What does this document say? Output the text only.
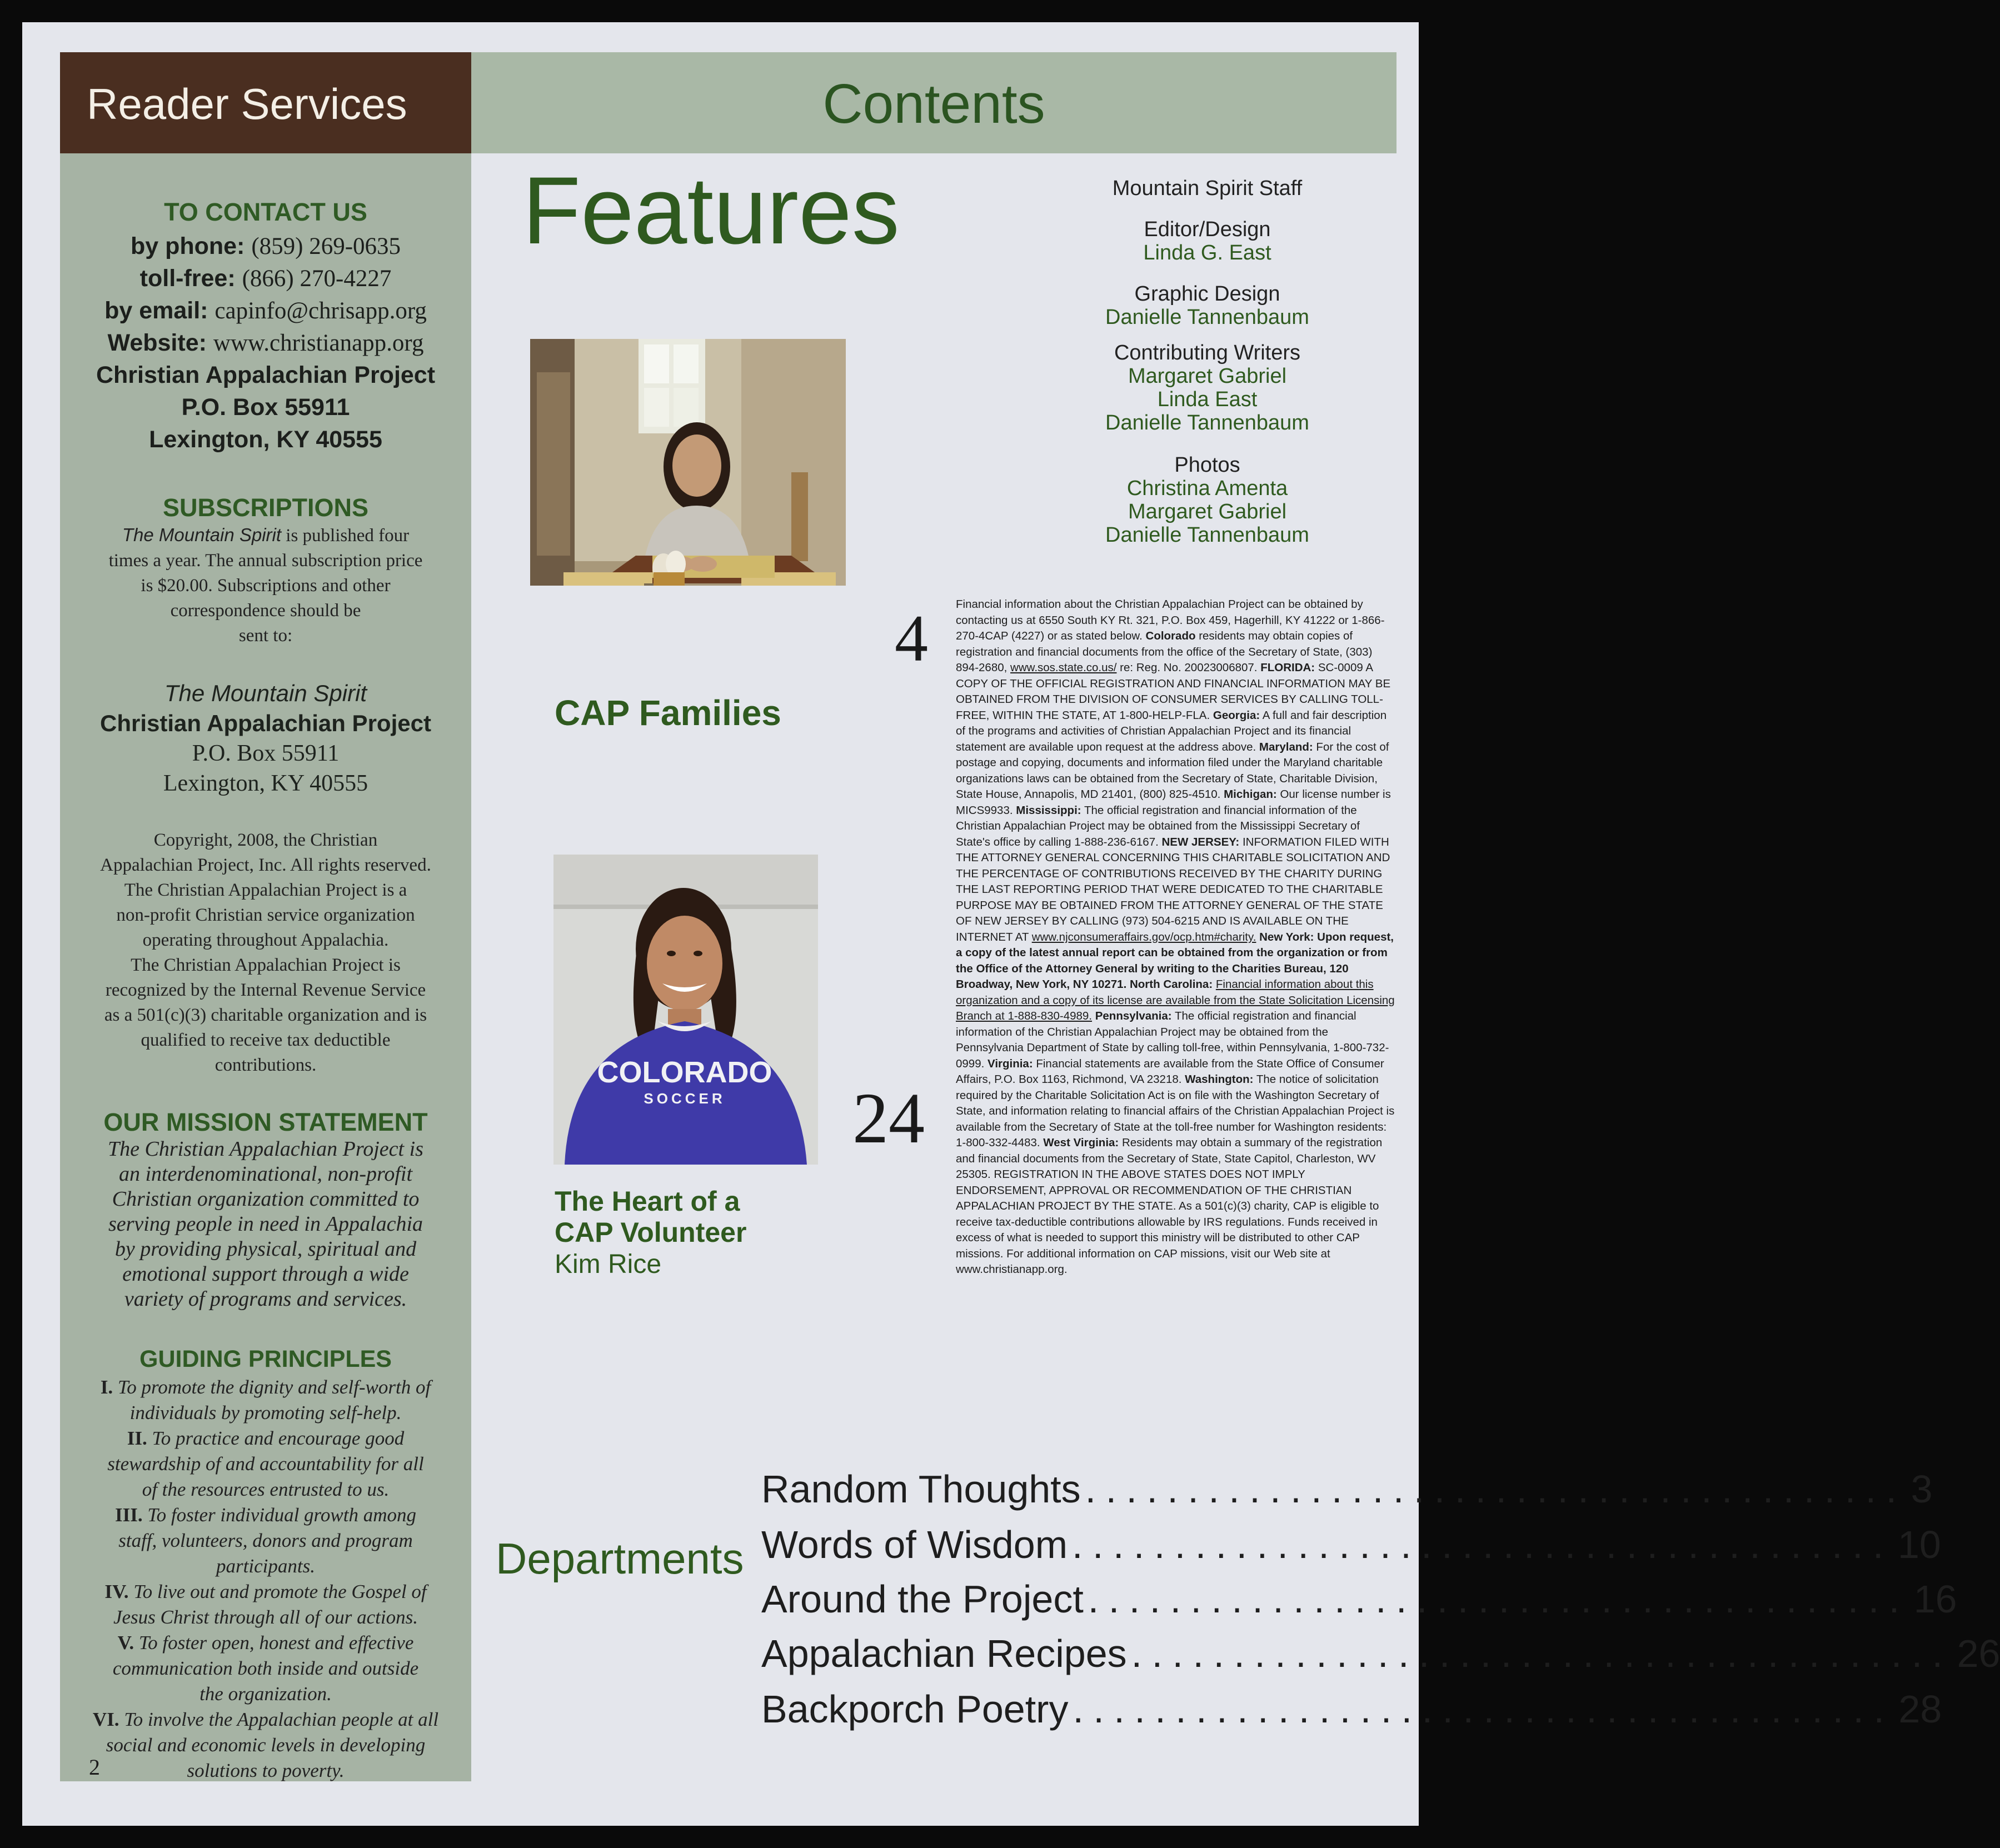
Reader Services
TO CONTACT US
by phone: (859) 269-0635
toll-free: (866) 270-4227
by email: capinfo@chrisapp.org
Website: www.christianapp.org
Christian Appalachian Project
P.O. Box 55911
Lexington, KY 40555
SUBSCRIPTIONS
The Mountain Spirit is published four
times a year. The annual subscription price
is $20.00. Subscriptions and other
correspondence should be
sent to:
The Mountain Spirit
Christian Appalachian Project
P.O. Box 55911
Lexington, KY 40555
Copyright, 2008, the Christian
Appalachian Project, Inc. All rights reserved.
The Christian Appalachian Project is a
non-profit Christian service organization
operating throughout Appalachia.
The Christian Appalachian Project is
recognized by the Internal Revenue Service
as a 501(c)(3) charitable organization and is
qualified to receive tax deductible
contributions.
OUR MISSION STATEMENT
The Christian Appalachian Project is
an interdenominational, non-profit
Christian organization committed to
serving people in need in Appalachia
by providing physical, spiritual and
emotional support through a wide
variety of programs and services.
GUIDING PRINCIPLES
I. To promote the dignity and self-worth of
individuals by promoting self-help.
II. To practice and encourage good
stewardship of and accountability for all
of the resources entrusted to us.
III. To foster individual growth among
staff, volunteers, donors and program
participants.
IV. To live out and promote the Gospel of
Jesus Christ through all of our actions.
V. To foster open, honest and effective
communication both inside and outside
the organization.
VI. To involve the Appalachian people at all
social and economic levels in developing
solutions to poverty.
2
Contents
Features
4
CAP Families
COLORADO
SOCCER 24
The Heart of a
CAP Volunteer
Kim Rice
Mountain Spirit Staff
Editor/Design
Linda G. East
Graphic Design
Danielle Tannenbaum
Contributing Writers
Margaret Gabriel
Linda East
Danielle Tannenbaum
Photos
Christina Amenta
Margaret Gabriel
Danielle Tannenbaum
Financial information about the Christian Appalachian Project can be obtained by contacting us at 6550 South KY Rt. 321, P.O. Box 459, Hagerhill, KY 41222 or 1-866-270-4CAP (4227) or as stated below. Colorado residents may obtain copies of registration and financial documents from the office of the Secretary of State, (303) 894-2680, www.sos.state.co.us/ re: Reg. No. 20023006807. FLORIDA: SC-0009 A COPY OF THE OFFICIAL REGISTRATION AND FINANCIAL INFORMATION MAY BE OBTAINED FROM THE DIVISION OF CONSUMER SERVICES BY CALLING TOLL-FREE, WITHIN THE STATE, AT 1-800-HELP-FLA. Georgia: A full and fair description of the programs and activities of Christian Appalachian Project and its financial statement are available upon request at the address above. Maryland: For the cost of postage and copying, documents and information filed under the Maryland charitable organizations laws can be obtained from the Secretary of State, Charitable Division, State House, Annapolis, MD 21401, (800) 825-4510. Michigan: Our license number is MICS9933. Mississippi: The official registration and financial information of the Christian Appalachian Project may be obtained from the Mississippi Secretary of State's office by calling 1-888-236-6167. NEW JERSEY: INFORMATION FILED WITH THE ATTORNEY GENERAL CONCERNING THIS CHARITABLE SOLICITATION AND THE PERCENTAGE OF CONTRIBUTIONS RECEIVED BY THE CHARITY DURING THE LAST REPORTING PERIOD THAT WERE DEDICATED TO THE CHARITABLE PURPOSE MAY BE OBTAINED FROM THE ATTORNEY GENERAL OF THE STATE OF NEW JERSEY BY CALLING (973) 504-6215 AND IS AVAILABLE ON THE INTERNET AT www.njconsumeraffairs.gov/ocp.htm#charity. New York: Upon request, a copy of the latest annual report can be obtained from the organization or from the Office of the Attorney General by writing to the Charities Bureau, 120 Broadway, New York, NY 10271. North Carolina: Financial information about this organization and a copy of its license are available from the State Solicitation Licensing Branch at 1-888-830-4989. Pennsylvania: The official registration and financial information of the Christian Appalachian Project may be obtained from the Pennsylvania Department of State by calling toll-free, within Pennsylvania, 1-800-732-0999. Virginia: Financial statements are available from the State Office of Consumer Affairs, P.O. Box 1163, Richmond, VA 23218. Washington: The notice of solicitation required by the Charitable Solicitation Act is on file with the Washington Secretary of State, and information relating to financial affairs of the Christian Appalachian Project is available from the Secretary of State at the toll-free number for Washington residents: 1-800-332-4483. West Virginia: Residents may obtain a summary of the registration and financial documents from the Secretary of State, State Capitol, Charleston, WV 25305. REGISTRATION IN THE ABOVE STATES DOES NOT IMPLY ENDORSEMENT, APPROVAL OR RECOMMENDATION OF THE CHRISTIAN APPALACHIAN PROJECT BY THE STATE. As a 501(c)(3) charity, CAP is eligible to receive tax-deductible contributions allowable by IRS regulations. Funds received in excess of what is needed to support this ministry will be distributed to other CAP missions. For additional information on CAP missions, visit our Web site at www.christianapp.org.
Departments
Random Thoughts ........................................ 3
Words of Wisdom ........................................ 10
Around the Project ........................................ 16
Appalachian Recipes ........................................ 26
Backporch Poetry ........................................ 28
